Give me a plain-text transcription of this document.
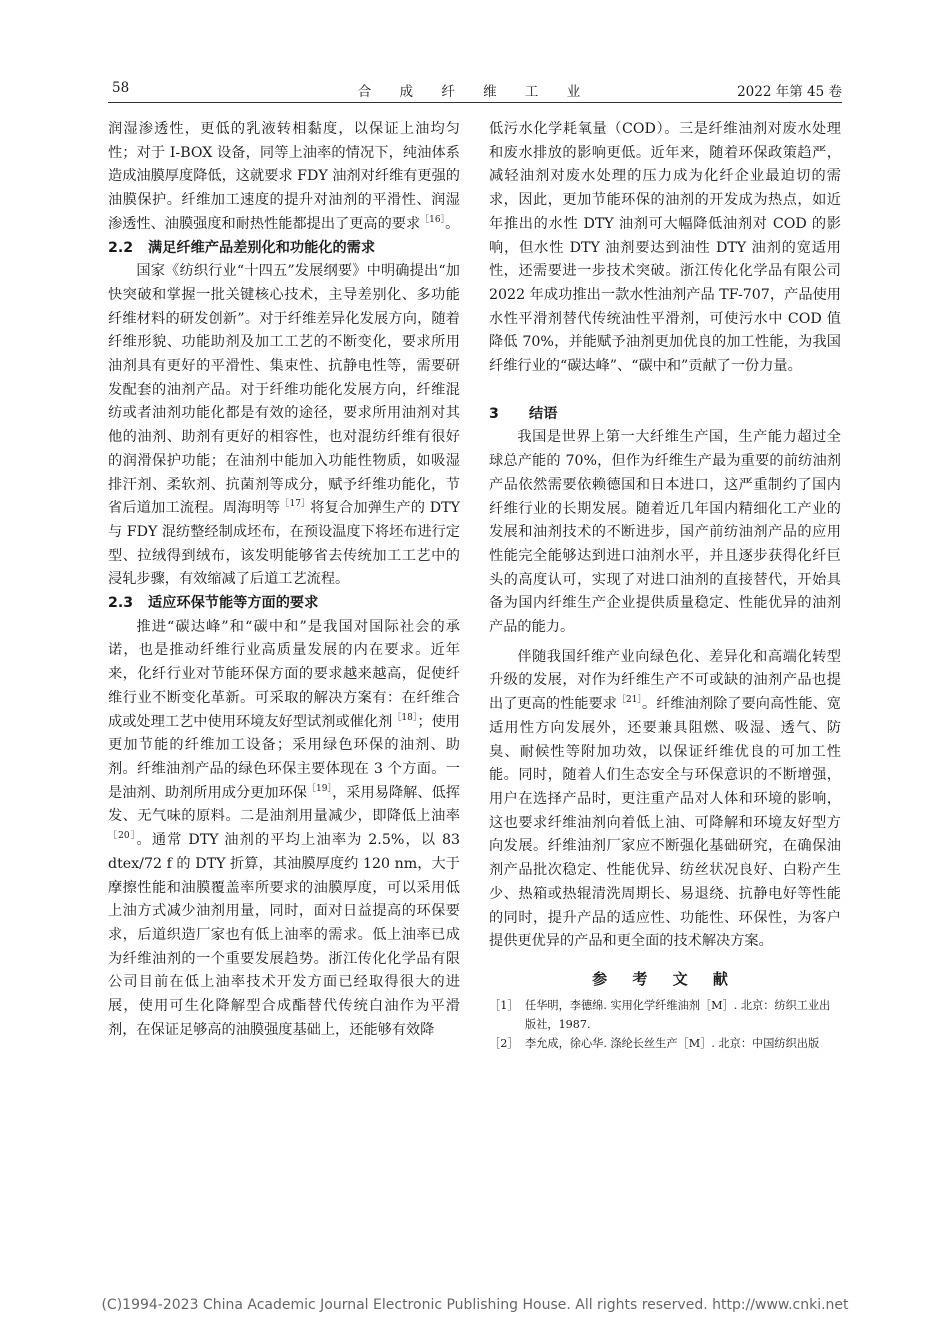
58	合 成 纤 维 工 业	2022 年第 45 卷

润湿渗透性，更低的乳液转相黏度，以保证上油均匀性；对于 I-BOX 设备，同等上油率的情况下，纯油体系造成油膜厚度降低，这就要求 FDY 油剂对纤维有更强的油膜保护。纤维加工速度的提升对油剂的平滑性、润湿渗透性、油膜强度和耐热性能都提出了更高的要求$^{[16]}$。

2.2 满足纤维产品差别化和功能化的需求

国家《纺织行业“十四五”发展纲要》中明确提出“加快突破和掌握一批关键核心技术，主导差别化、多功能纤维材料的研发创新”。对于纤维差异化发展方向，随着纤维形貌、功能助剂及加工工艺的不断变化，要求所用油剂具有更好的平滑性、集束性、抗静电性等，需要研发配套的油剂产品。对于纤维功能化发展方向，纤维混纺或者油剂功能化都是有效的途径，要求所用油剂对其他的油剂、助剂有更好的相容性，也对混纺纤维有很好的润滑保护功能；在油剂中能加入功能性物质，如吸湿排汗剂、柔软剂、抗菌剂等成分，赋予纤维功能化，节省后道加工流程。周海明等$^{[17]}$将复合加弹生产的 DTY 与 FDY 混纺整经制成坯布，在预设温度下将坯布进行定型、拉绒得到绒布，该发明能够省去传统加工工艺中的浸轧步骤，有效缩减了后道工艺流程。

2.3 适应环保节能等方面的要求

推进“碳达峰”和“碳中和”是我国对国际社会的承诺，也是推动纤维行业高质量发展的内在要求。近年来，化纤行业对节能环保方面的要求越来越高，促使纤维行业不断变化革新。可采取的解决方案有：在纤维合成或处理工艺中使用环境友好型试剂或催化剂$^{[18]}$；使用更加节能的纤维加工设备；采用绿色环保的油剂、助剂。纤维油剂产品的绿色环保主要体现在 3 个方面。一是油剂、助剂所用成分更加环保$^{[19]}$，采用易降解、低挥发、无气味的原料。二是油剂用量减少，即降低上油率$^{[20]}$。通常 DTY 油剂的平均上油率为 2.5%，以 83 dtex/72 f 的 DTY 折算，其油膜厚度约 120 nm，大于摩擦性能和油膜覆盖率所要求的油膜厚度，可以采用低上油方式减少油剂用量，同时，面对日益提高的环保要求，后道织造厂家也有低上油率的需求。低上油率已成为纤维油剂的一个重要发展趋势。浙江传化化学品有限公司目前在低上油率技术开发方面已经取得很大的进展，使用可生化降解型合成酯替代传统白油作为平滑剂，在保证足够高的油膜强度基础上，还能够有效降

低污水化学耗氧量（COD）。三是纤维油剂对废水处理和废水排放的影响更低。近年来，随着环保政策趋严，减轻油剂对废水处理的压力成为化纤企业最迫切的需求，因此，更加节能环保的油剂的开发成为热点，如近年推出的水性 DTY 油剂可大幅降低油剂对 COD 的影响，但水性 DTY 油剂要达到油性 DTY 油剂的宽适用性，还需要进一步技术突破。浙江传化化学品有限公司 2022 年成功推出一款水性油剂产品 TF-707，产品使用水性平滑剂替代传统油性平滑剂，可使污水中 COD 值降低 70%，并能赋予油剂更加优良的加工性能，为我国纤维行业的“碳达峰”、“碳中和”贡献了一份力量。

3 结语

我国是世界上第一大纤维生产国，生产能力超过全球总产能的 70%，但作为纤维生产最为重要的前纺油剂产品依然需要依赖德国和日本进口，这严重制约了国内纤维行业的长期发展。随着近几年国内精细化工产业的发展和油剂技术的不断进步，国产前纺油剂产品的应用性能完全能够达到进口油剂水平，并且逐步获得化纤巨头的高度认可，实现了对进口油剂的直接替代，开始具备为国内纤维生产企业提供质量稳定、性能优异的油剂产品的能力。

伴随我国纤维产业向绿色化、差异化和高端化转型升级的发展，对作为纤维生产不可或缺的油剂产品也提出了更高的性能要求$^{[21]}$。纤维油剂除了要向高性能、宽适用性方向发展外，还要兼具阻燃、吸湿、透气、防臭、耐候性等附加功效，以保证纤维优良的可加工性能。同时，随着人们生态安全与环保意识的不断增强，用户在选择产品时，更注重产品对人体和环境的影响，这也要求纤维油剂向着低上油、可降解和环境友好型方向发展。纤维油剂厂家应不断强化基础研究，在确保油剂产品批次稳定、性能优异、纺丝状况良好、白粉产生少、热箱或热辊清洗周期长、易退绕、抗静电好等性能的同时，提升产品的适应性、功能性、环保性，为客户提供更优异的产品和更全面的技术解决方案。

参 考 文 献
［1］ 任华明，李德绵. 实用化学纤维油剂［M］. 北京：纺织工业出版社，1987.
［2］ 李允成，徐心华. 涤纶长丝生产［M］. 北京：中国纺织出版
(C)1994-2023 China Academic Journal Electronic Publishing House. All rights reserved. http://www.cnki.net
